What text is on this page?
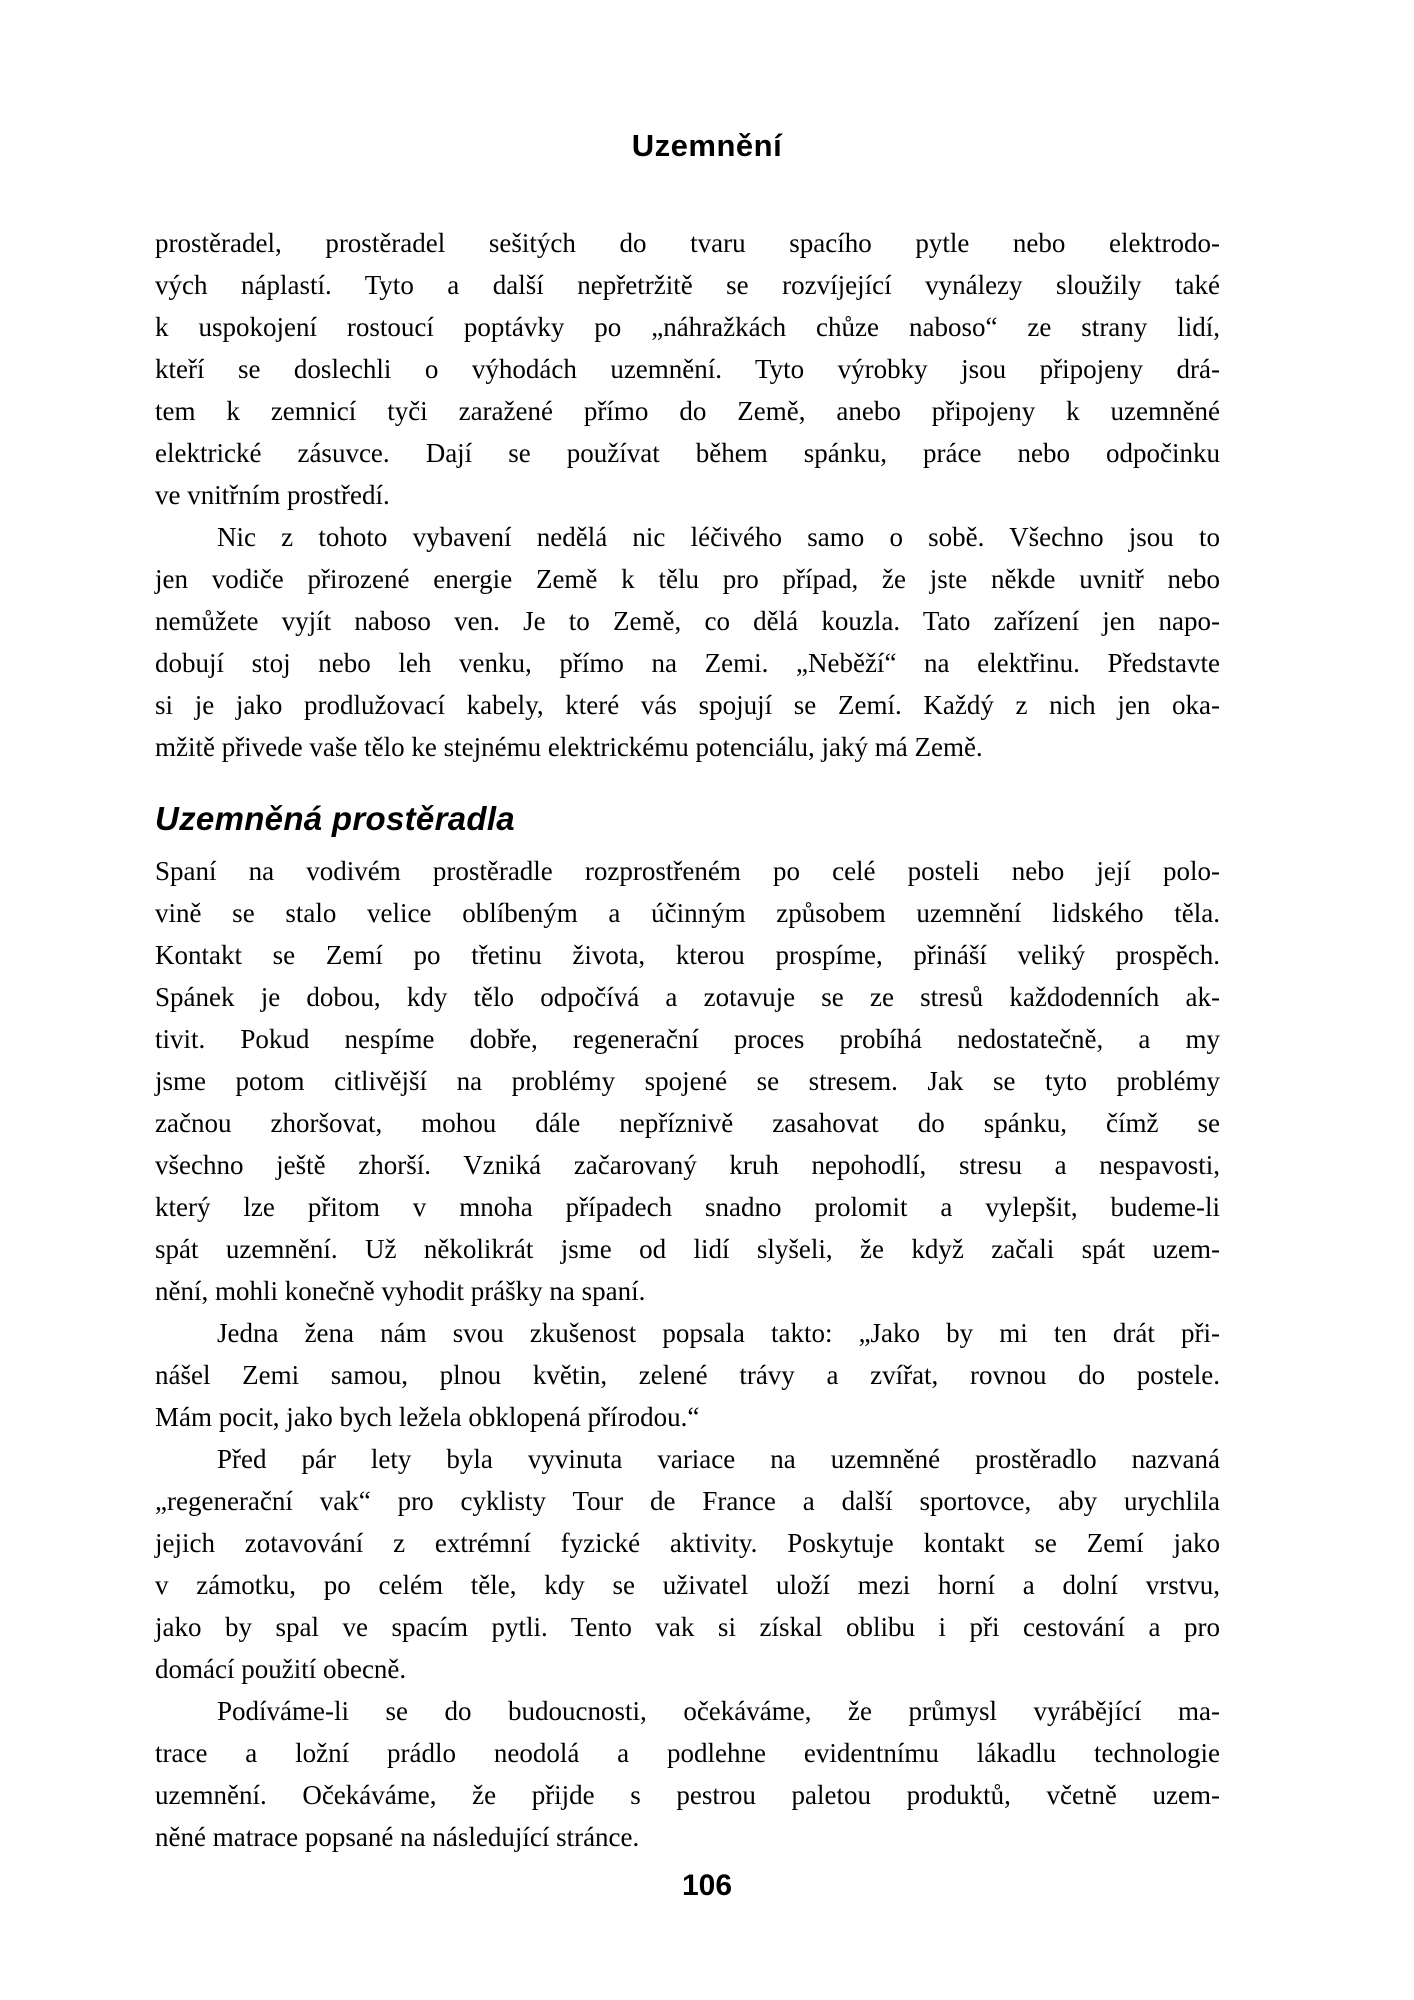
Uzemnění

prostěradel, prostěradel sešitých do tvaru spacího pytle nebo elektrodo-
vých náplastí. Tyto a další nepřetržitě se rozvíjející vynálezy sloužily také
k uspokojení rostoucí poptávky po „náhražkách chůze naboso“ ze strany lidí,
kteří se doslechli o výhodách uzemnění. Tyto výrobky jsou připojeny drá-
tem k zemnicí tyči zaražené přímo do Země, anebo připojeny k uzemněné
elektrické zásuvce. Dají se používat během spánku, práce nebo odpočinku
ve vnitřním prostředí.

Nic z tohoto vybavení nedělá nic léčivého samo o sobě. Všechno jsou to
jen vodiče přirozené energie Země k tělu pro případ, že jste někde uvnitř nebo
nemůžete vyjít naboso ven. Je to Země, co dělá kouzla. Tato zařízení jen napo-
dobují stoj nebo leh venku, přímo na Zemi. „Neběží“ na elektřinu. Představte
si je jako prodlužovací kabely, které vás spojují se Zemí. Každý z nich jen oka-
mžitě přivede vaše tělo ke stejnému elektrickému potenciálu, jaký má Země.

Uzemněná prostěradla

Spaní na vodivém prostěradle rozprostřeném po celé posteli nebo její polo-
vině se stalo velice oblíbeným a účinným způsobem uzemnění lidského těla.
Kontakt se Zemí po třetinu života, kterou prospíme, přináší veliký prospěch.
Spánek je dobou, kdy tělo odpočívá a zotavuje se ze stresů každodenních ak-
tivit. Pokud nespíme dobře, regenerační proces probíhá nedostatečně, a my
jsme potom citlivější na problémy spojené se stresem. Jak se tyto problémy
začnou zhoršovat, mohou dále nepříznivě zasahovat do spánku, čímž se
všechno ještě zhorší. Vzniká začarovaný kruh nepohodlí, stresu a nespavosti,
který lze přitom v mnoha případech snadno prolomit a vylepšit, budeme-li
spát uzemnění. Už několikrát jsme od lidí slyšeli, že když začali spát uzem-
nění, mohli konečně vyhodit prášky na spaní.

Jedna žena nám svou zkušenost popsala takto: „Jako by mi ten drát při-
nášel Zemi samou, plnou květin, zelené trávy a zvířat, rovnou do postele.
Mám pocit, jako bych ležela obklopená přírodou.“

Před pár lety byla vyvinuta variace na uzemněné prostěradlo nazvaná
„regenerační vak“ pro cyklisty Tour de France a další sportovce, aby urychlila
jejich zotavování z extrémní fyzické aktivity. Poskytuje kontakt se Zemí jako
v zámotku, po celém těle, kdy se uživatel uloží mezi horní a dolní vrstvu,
jako by spal ve spacím pytli. Tento vak si získal oblibu i při cestování a pro
domácí použití obecně.

Podíváme-li se do budoucnosti, očekáváme, že průmysl vyrábějící ma-
trace a ložní prádlo neodolá a podlehne evidentnímu lákadlu technologie
uzemnění. Očekáváme, že přijde s pestrou paletou produktů, včetně uzem-
něné matrace popsané na následující stránce.

106
